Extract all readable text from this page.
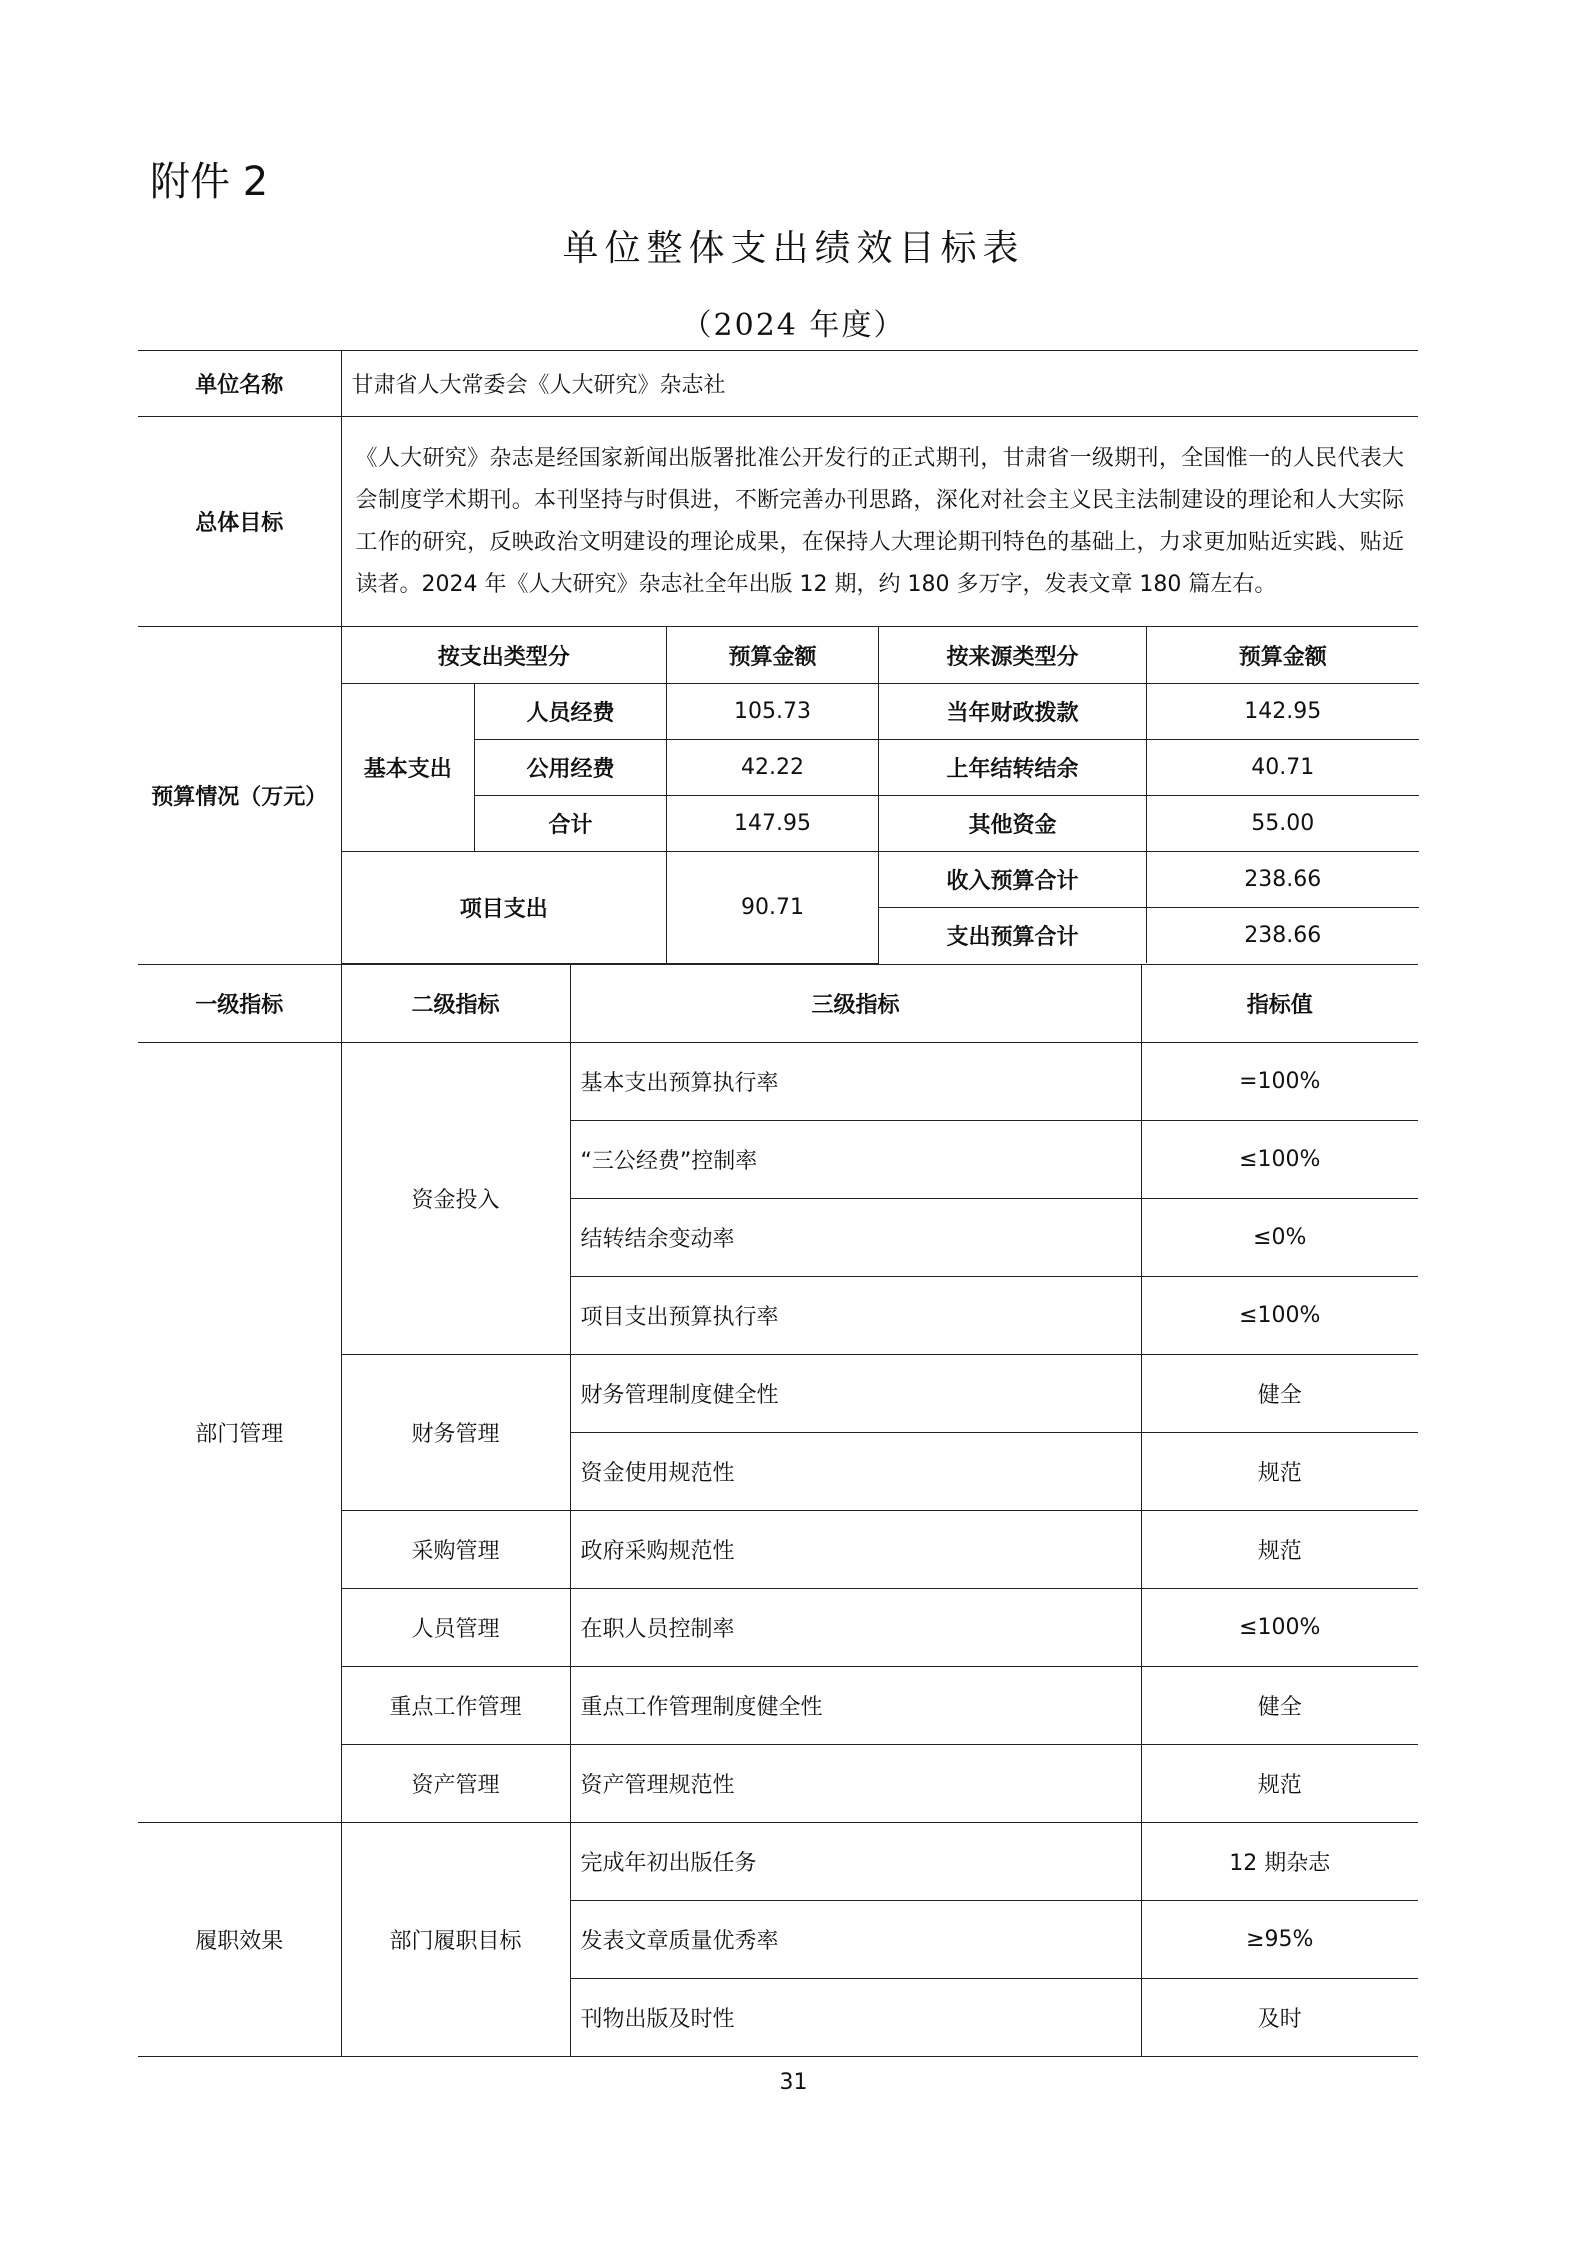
附件 2
单位整体支出绩效目标表
（2024 年度）
单位名称	甘肃省人大常委会《人大研究》杂志社
总体目标	《人大研究》杂志是经国家新闻出版署批准公开发行的正式期刊，甘肃省一级期刊，全国惟一的人民代表大会制度学术期刊。本刊坚持与时俱进，不断完善办刊思路，深化对社会主义民主法制建设的理论和人大实际工作的研究，反映政治文明建设的理论成果，在保持人大理论期刊特色的基础上，力求更加贴近实践、贴近读者。2024 年《人大研究》杂志社全年出版 12 期，约 180 多万字，发表文章 180 篇左右。
预算情况（万元）	
按支出类型分	预算金额	按来源类型分	预算金额
基本支出	人员经费	105.73	当年财政拨款	142.95
公用经费	42.22	上年结转结余	40.71
合计	147.95	其他资金	55.00
项目支出	90.71	收入预算合计	238.66
支出预算合计	238.66

一级指标	二级指标	三级指标	指标值
部门管理	资金投入	基本支出预算执行率	=100%
“三公经费”控制率	≤100%
结转结余变动率	≤0%
项目支出预算执行率	≤100%
财务管理	财务管理制度健全性	健全
资金使用规范性	规范
采购管理	政府采购规范性	规范
人员管理	在职人员控制率	≤100%
重点工作管理	重点工作管理制度健全性	健全
资产管理	资产管理规范性	规范
履职效果	部门履职目标	完成年初出版任务	12 期杂志
发表文章质量优秀率	≥95%
刊物出版及时性	及时
31
